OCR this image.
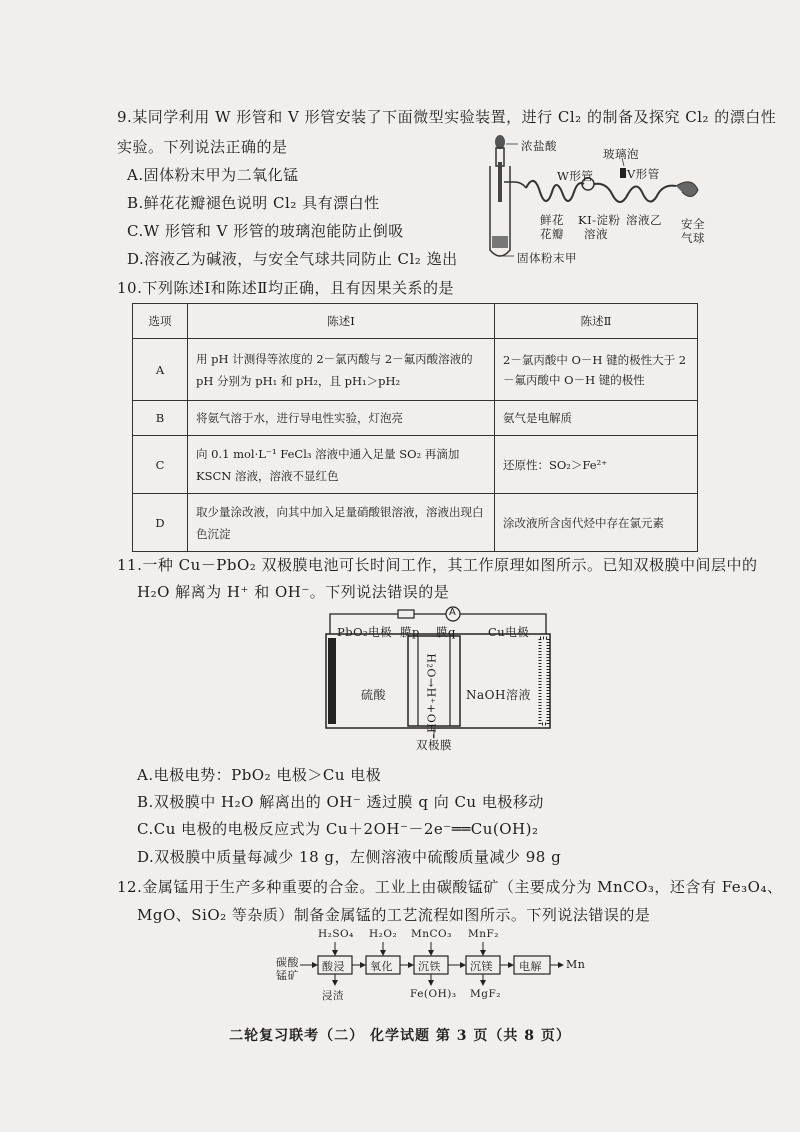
9.某同学利用 W 形管和 V 形管安装了下面微型实验装置，进行 Cl₂ 的制备及探究 Cl₂ 的漂白性
实验。下列说法正确的是
A.固体粉末甲为二氧化锰
B.鲜花花瓣褪色说明 Cl₂ 具有漂白性
C.W 形管和 V 形管的玻璃泡能防止倒吸
D.溶液乙为碱液，与安全气球共同防止 Cl₂ 逸出
浓盐酸
玻璃泡
W形管	V形管
鲜花
花瓣
KI-淀粉
溶液
溶液乙 安全
气球
固体粉末甲
10.下列陈述Ⅰ和陈述Ⅱ均正确，且有因果关系的是
选项	陈述Ⅰ	陈述Ⅱ
A	用 pH 计测得等浓度的 2－氯丙酸与 2－氟丙酸溶液的 pH 分别为 pH₁ 和 pH₂，且 pH₁＞pH₂	2－氯丙酸中 O－H 键的极性大于 2－氟丙酸中 O－H 键的极性
B	将氨气溶于水，进行导电性实验，灯泡亮	氨气是电解质
C	向 0.1 mol·L⁻¹ FeCl₃ 溶液中通入足量 SO₂ 再滴加 KSCN 溶液，溶液不显红色	还原性：SO₂＞Fe²⁺
D	取少量涂改液，向其中加入足量硝酸银溶液，溶液出现白色沉淀	涂改液所含卤代烃中存在氯元素
11.一种 Cu－PbO₂ 双极膜电池可长时间工作，其工作原理如图所示。已知双极膜中间层中的
H₂O 解离为 H⁺ 和 OH⁻。下列说法错误的是
A
PbO₂电极 膜p 膜q	Cu电极
硫酸	NaOH溶液
H₂O→H⁺+OH⁻
双极膜
A.电极电势：PbO₂ 电极＞Cu 电极
B.双极膜中 H₂O 解离出的 OH⁻ 透过膜 q 向 Cu 电极移动
C.Cu 电极的电极反应式为 Cu＋2OH⁻－2e⁻══Cu(OH)₂
D.双极膜中质量每减少 18 g，左侧溶液中硫酸质量减少 98 g
12.金属锰用于生产多种重要的合金。工业上由碳酸锰矿（主要成分为 MnCO₃，还含有 Fe₃O₄、
MgO、SiO₂ 等杂质）制备金属锰的工艺流程如图所示。下列说法错误的是
碳酸
锰矿
H₂SO₄ H₂O₂ MnCO₃ MnF₂
酸浸 氧化 沉铁	沉镁 电解 Mn
浸渣	Fe(OH)₃ MgF₂
二轮复习联考（二） 化学试题 第 3 页（共 8 页）
